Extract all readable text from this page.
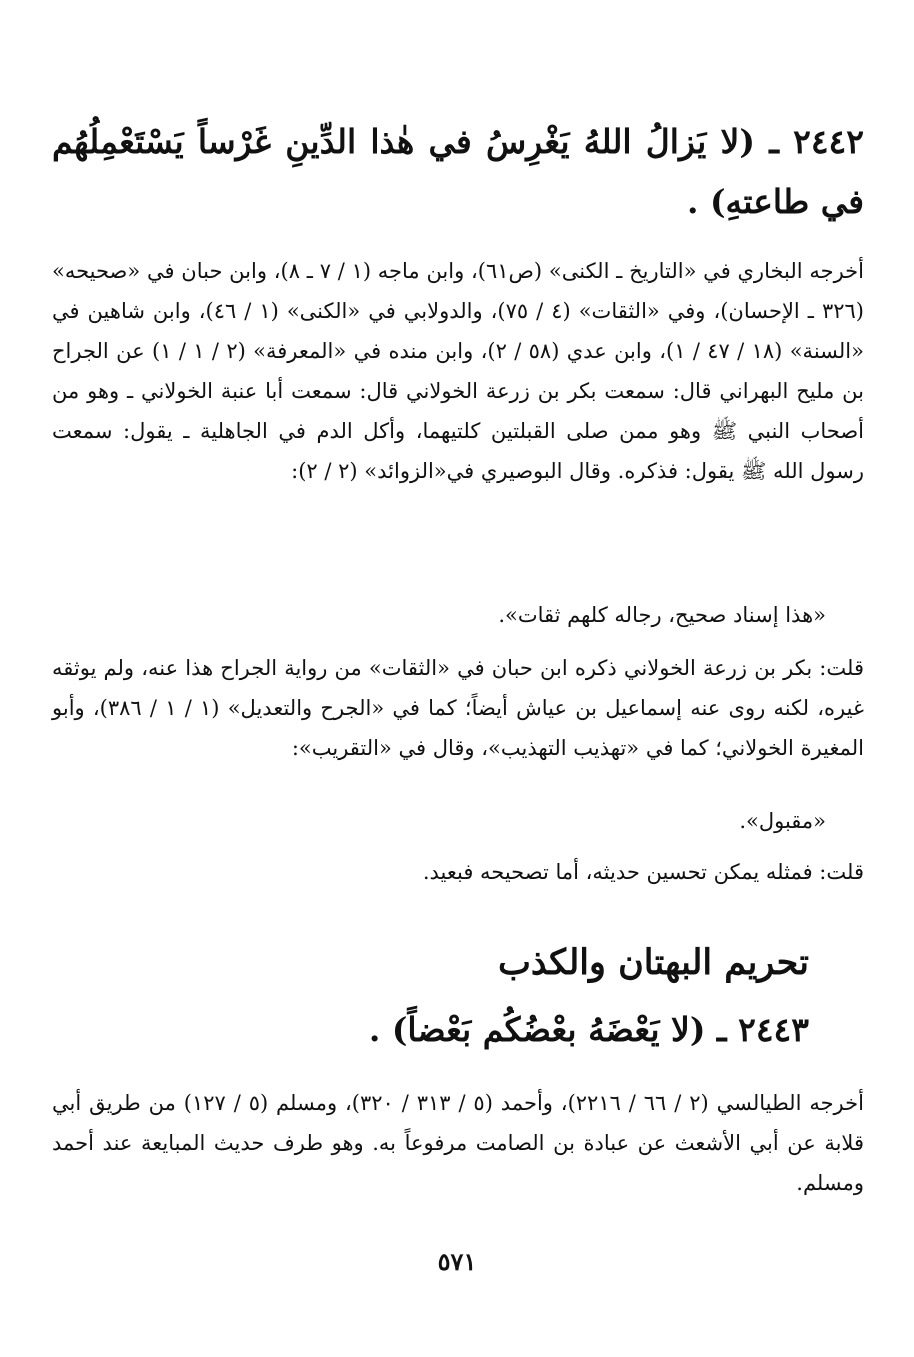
٢٤٤٢ ـ (لا يَزالُ اللهُ يَغْرِسُ في هٰذا الدِّينِ غَرْساً يَسْتَعْمِلُهُم في طاعتهِ) .
أخرجه البخاري في «التاريخ ـ الكنى» (ص٦١)، وابن ماجه (١ / ٧ ـ ٨)، وابن حبان في «صحيحه» (٣٢٦ ـ الإحسان)، وفي «الثقات» (٤ / ٧٥)، والدولابي في «الكنى» (١ / ٤٦)، وابن شاهين في «السنة» (١٨ / ٤٧ / ١)، وابن عدي (٥٨ / ٢)، وابن منده في «المعرفة» (٢ / ١ / ١) عن الجراح بن مليح البهراني قال: سمعت بكر بن زرعة الخولاني قال: سمعت أبا عنبة الخولاني ـ وهو من أصحاب النبي ﷺ وهو ممن صلى القبلتين كلتيهما، وأكل الدم في الجاهلية ـ يقول: سمعت رسول الله ﷺ يقول: فذكره. وقال البوصيري في«الزوائد» (٢ / ٢):
«هذا إسناد صحيح، رجاله كلهم ثقات».
قلت: بكر بن زرعة الخولاني ذكره ابن حبان في «الثقات» من رواية الجراح هذا عنه، ولم يوثقه غيره، لكنه روى عنه إسماعيل بن عياش أيضاً؛ كما في «الجرح والتعديل» (١ / ١ / ٣٨٦)، وأبو المغيرة الخولاني؛ كما في «تهذيب التهذيب»، وقال في «التقريب»:
«مقبول».
قلت: فمثله يمكن تحسين حديثه، أما تصحيحه فبعيد.
تحريم البهتان والكذب
٢٤٤٣ ـ (لا يَعْضَهُ بعْضُكُم بَعْضاً) .
أخرجه الطيالسي (٢ / ٦٦ / ٢٢١٦)، وأحمد (٥ / ٣١٣ / ٣٢٠)، ومسلم (٥ / ١٢٧) من طريق أبي قلابة عن أبي الأشعث عن عبادة بن الصامت مرفوعاً به. وهو طرف حديث المبايعة عند أحمد ومسلم.
٥٧١
